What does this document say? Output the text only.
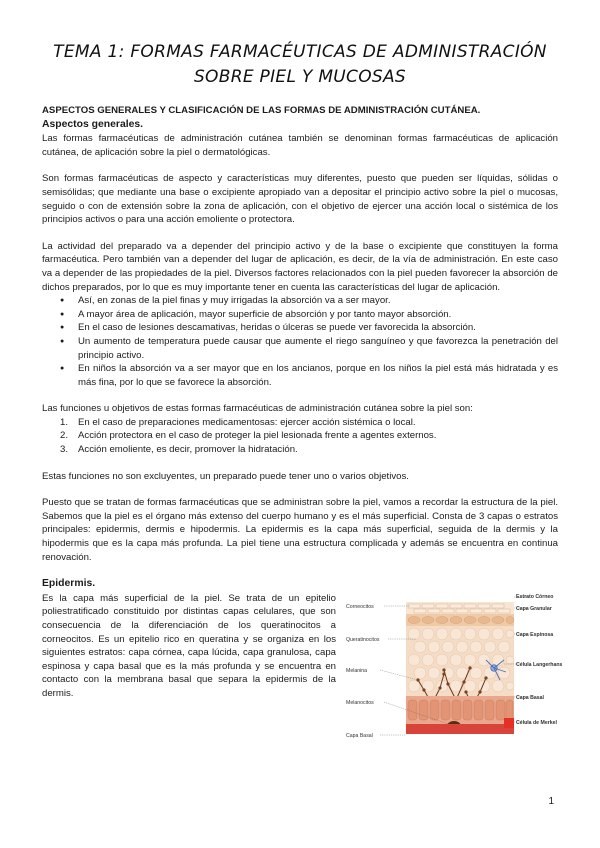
TEMA 1: FORMAS FARMACÉUTICAS DE ADMINISTRACIÓN SOBRE PIEL Y MUCOSAS
ASPECTOS GENERALES Y CLASIFICACIÓN DE LAS FORMAS DE ADMINISTRACIÓN CUTÁNEA.
Aspectos generales.

Las formas farmacéuticas de administración cutánea también se denominan formas farmacéuticas de aplicación cutánea, de aplicación sobre la piel o dermatológicas.

Son formas farmacéuticas de aspecto y características muy diferentes, puesto que pueden ser líquidas, sólidas o semisólidas; que mediante una base o excipiente apropiado van a depositar el principio activo sobre la piel o mucosas, seguido o con de extensión sobre la zona de aplicación, con el objetivo de ejercer una acción local o sistémica de los principios activos o para una acción emoliente o protectora.

La actividad del preparado va a depender del principio activo y de la base o excipiente que constituyen la forma farmacéutica. Pero también van a depender del lugar de aplicación, es decir, de la vía de administración. En este caso va a depender de las propiedades de la piel. Diversos factores relacionados con la piel pueden favorecer la absorción de dichos preparados, por lo que es muy importante tener en cuenta las características del lugar de aplicación.

● Así, en zonas de la piel finas y muy irrigadas la absorción va a ser mayor.
● A mayor área de aplicación, mayor superficie de absorción y por tanto mayor absorción.
● En el caso de lesiones descamativas, heridas o úlceras se puede ver favorecida la absorción.
● Un aumento de temperatura puede causar que aumente el riego sanguíneo y que favorezca la penetración del principio activo.
● En niños la absorción va a ser mayor que en los ancianos, porque en los niños la piel está más hidratada y es más fina, por lo que se favorece la absorción.

Las funciones u objetivos de estas formas farmacéuticas de administración cutánea sobre la piel son:

1. En el caso de preparaciones medicamentosas: ejercer acción sistémica o local.
2. Acción protectora en el caso de proteger la piel lesionada frente a agentes externos.
3. Acción emoliente, es decir, promover la hidratación.

Estas funciones no son excluyentes, un preparado puede tener uno o varios objetivos.

Puesto que se tratan de formas farmacéuticas que se administran sobre la piel, vamos a recordar la estructura de la piel. Sabemos que la piel es el órgano más extenso del cuerpo humano y es el más superficial. Consta de 3 capas o estratos principales: epidermis, dermis e hipodermis. La epidermis es la capa más superficial, seguida de la dermis y la hipodermis que es la capa más profunda. La piel tiene una estructura complicada y además se encuentra en continua renovación.

Epidermis.

Es la capa más superficial de la piel. Se trata de un epitelio poliestratificado constituido por distintas capas celulares, que son consecuencia de la diferenciación de los queratinocitos a corneocitos. Es un epitelio rico en queratina y se organiza en los siguientes estratos: capa córnea, capa lúcida, capa granulosa, capa espinosa y capa basal que es la más profunda y se encuentra en contacto con la membrana basal que separa la epidermis de la dermis.

Corneocitos
Queratinocitos
Melanina
Melanocitos
Capa Basal
Estrato Córneo
Capa Granular
Capa Espinosa
Célula Langerhans
Capa Basal
Célula de Merkel
1
